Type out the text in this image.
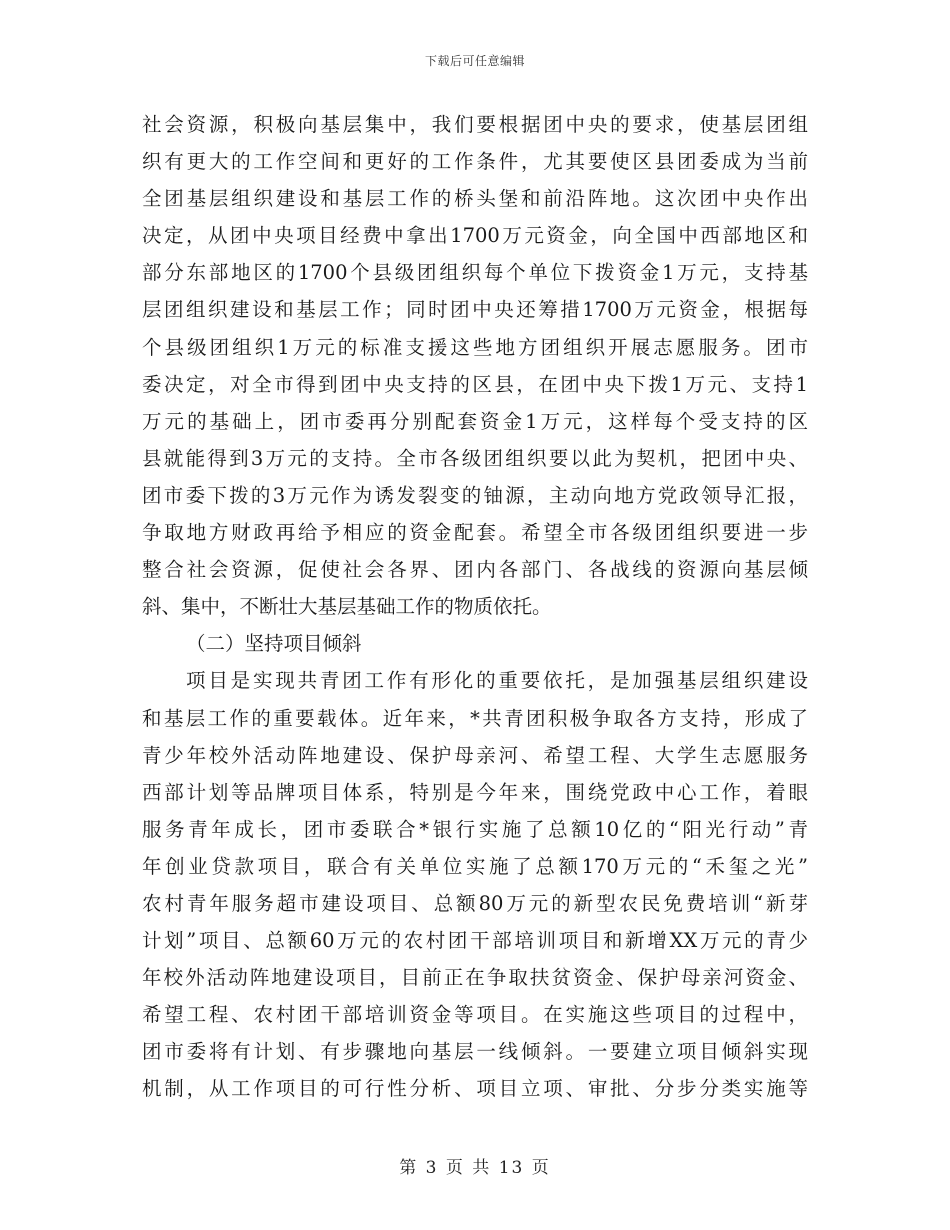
下载后可任意编辑
社会资源，积极向基层集中，我们要根据团中央的要求，使基层团组
织有更大的工作空间和更好的工作条件，尤其要使区县团委成为当前
全团基层组织建设和基层工作的桥头堡和前沿阵地。这次团中央作出
决定，从团中央项目经费中拿出1700万元资金，向全国中西部地区和
部分东部地区的1700个县级团组织每个单位下拨资金1万元，支持基
层团组织建设和基层工作；同时团中央还筹措1700万元资金，根据每
个县级团组织1万元的标准支援这些地方团组织开展志愿服务。团市
委决定，对全市得到团中央支持的区县，在团中央下拨1万元、支持1
万元的基础上，团市委再分别配套资金1万元，这样每个受支持的区
县就能得到3万元的支持。全市各级团组织要以此为契机，把团中央、
团市委下拨的3万元作为诱发裂变的铀源，主动向地方党政领导汇报，
争取地方财政再给予相应的资金配套。希望全市各级团组织要进一步
整合社会资源，促使社会各界、团内各部门、各战线的资源向基层倾
斜、集中，不断壮大基层基础工作的物质依托。
（二）坚持项目倾斜
项目是实现共青团工作有形化的重要依托，是加强基层组织建设
和基层工作的重要载体。近年来，*共青团积极争取各方支持，形成了
青少年校外活动阵地建设、保护母亲河、希望工程、大学生志愿服务
西部计划等品牌项目体系，特别是今年来，围绕党政中心工作，着眼
服务青年成长，团市委联合*银行实施了总额10亿的“阳光行动”青
年创业贷款项目，联合有关单位实施了总额170万元的“禾玺之光”
农村青年服务超市建设项目、总额80万元的新型农民免费培训“新芽
计划”项目、总额60万元的农村团干部培训项目和新增XX万元的青少
年校外活动阵地建设项目，目前正在争取扶贫资金、保护母亲河资金、
希望工程、农村团干部培训资金等项目。在实施这些项目的过程中，
团市委将有计划、有步骤地向基层一线倾斜。一要建立项目倾斜实现
机制，从工作项目的可行性分析、项目立项、审批、分步分类实施等
第 3 页 共 13 页
